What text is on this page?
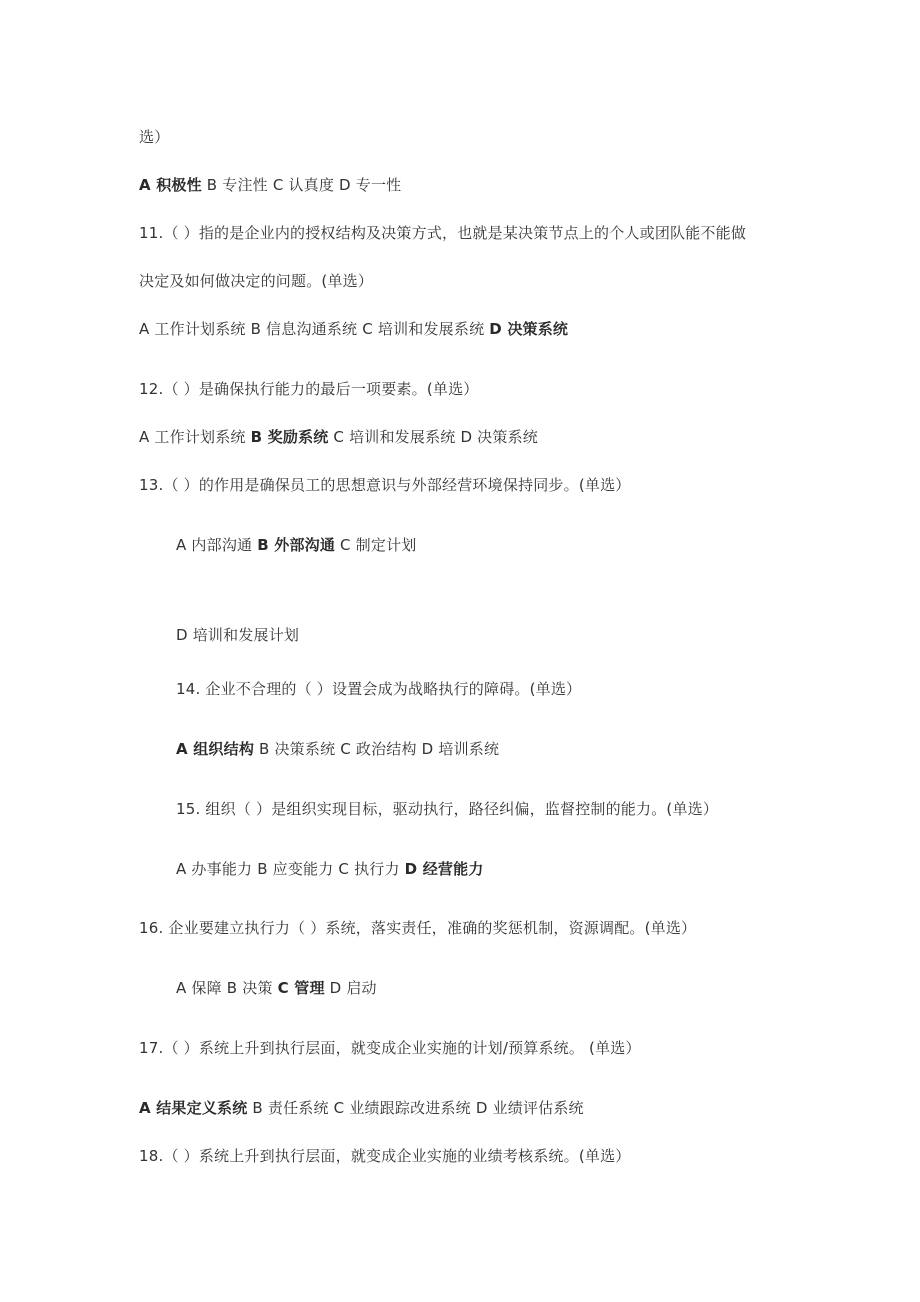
选）
A 积极性 B 专注性 C 认真度 D 专一性
11.（ ）指的是企业内的授权结构及决策方式，也就是某决策节点上的个人或团队能不能做
决定及如何做决定的问题。(单选）
A 工作计划系统 B 信息沟通系统 C 培训和发展系统 D 决策系统
12.（ ）是确保执行能力的最后一项要素。(单选）
A 工作计划系统 B 奖励系统 C 培训和发展系统 D 决策系统
13.（ ）的作用是确保员工的思想意识与外部经营环境保持同步。(单选）
A 内部沟通 B 外部沟通 C 制定计划
D 培训和发展计划
14. 企业不合理的（ ）设置会成为战略执行的障碍。(单选）
A 组织结构 B 决策系统 C 政治结构 D 培训系统
15. 组织（ ）是组织实现目标，驱动执行，路径纠偏，监督控制的能力。(单选）
A 办事能力 B 应变能力 C 执行力 D 经营能力
16. 企业要建立执行力（ ）系统，落实责任，准确的奖惩机制，资源调配。(单选）
A 保障 B 决策 C 管理 D 启动
17.（ ）系统上升到执行层面，就变成企业实施的计划/预算系统。 (单选）
A 结果定义系统 B 责任系统 C 业绩跟踪改进系统 D 业绩评估系统
18.（ ）系统上升到执行层面，就变成企业实施的业绩考核系统。(单选）
